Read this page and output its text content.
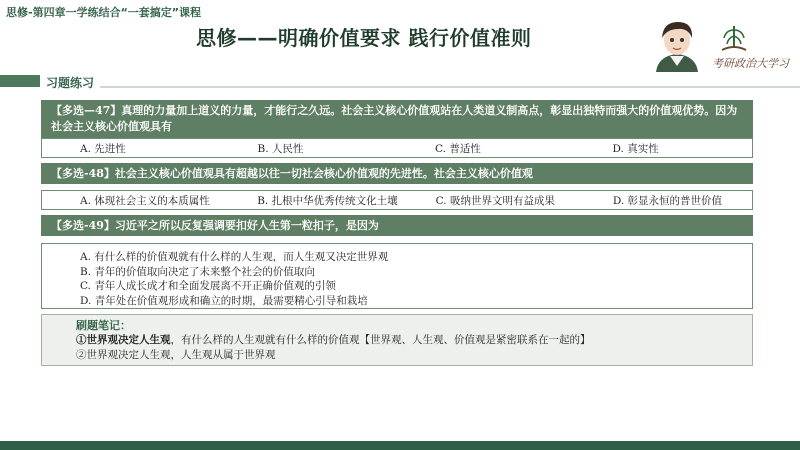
思修-第四章一学练结合“一套搞定”课程
思修——明确价值要求 践行价值准则
考研政治大学习
习题练习
【多选—47】真理的力量加上道义的力量，才能行之久远。社会主义核心价值观站在人类道义制高点，彰显出独特而强大的价值观优势。因为社会主义核心价值观具有
A. 先进性	B. 人民性	C. 普适性	D. 真实性
【多选-48】社会主义核心价值观具有超越以往一切社会核心价值观的先进性。社会主义核心价值观
A. 体现社会主义的本质属性	B. 扎根中华优秀传统文化土壤	C. 吸纳世界文明有益成果	D. 彰显永恒的普世价值
【多选-49】习近平之所以反复强调要扣好人生第一粒扣子，是因为
A. 有什么样的价值观就有什么样的人生观，而人生观又决定世界观
B. 青年的价值取向决定了未来整个社会的价值取向
C. 青年人成长成才和全面发展离不开正确价值观的引领
D. 青年处在价值观形成和确立的时期，最需要精心引导和栽培
刷题笔记：
①世界观决定人生观，有什么样的人生观就有什么样的价值观【世界观、人生观、价值观是紧密联系在一起的】
②世界观决定人生观，人生观从属于世界观
